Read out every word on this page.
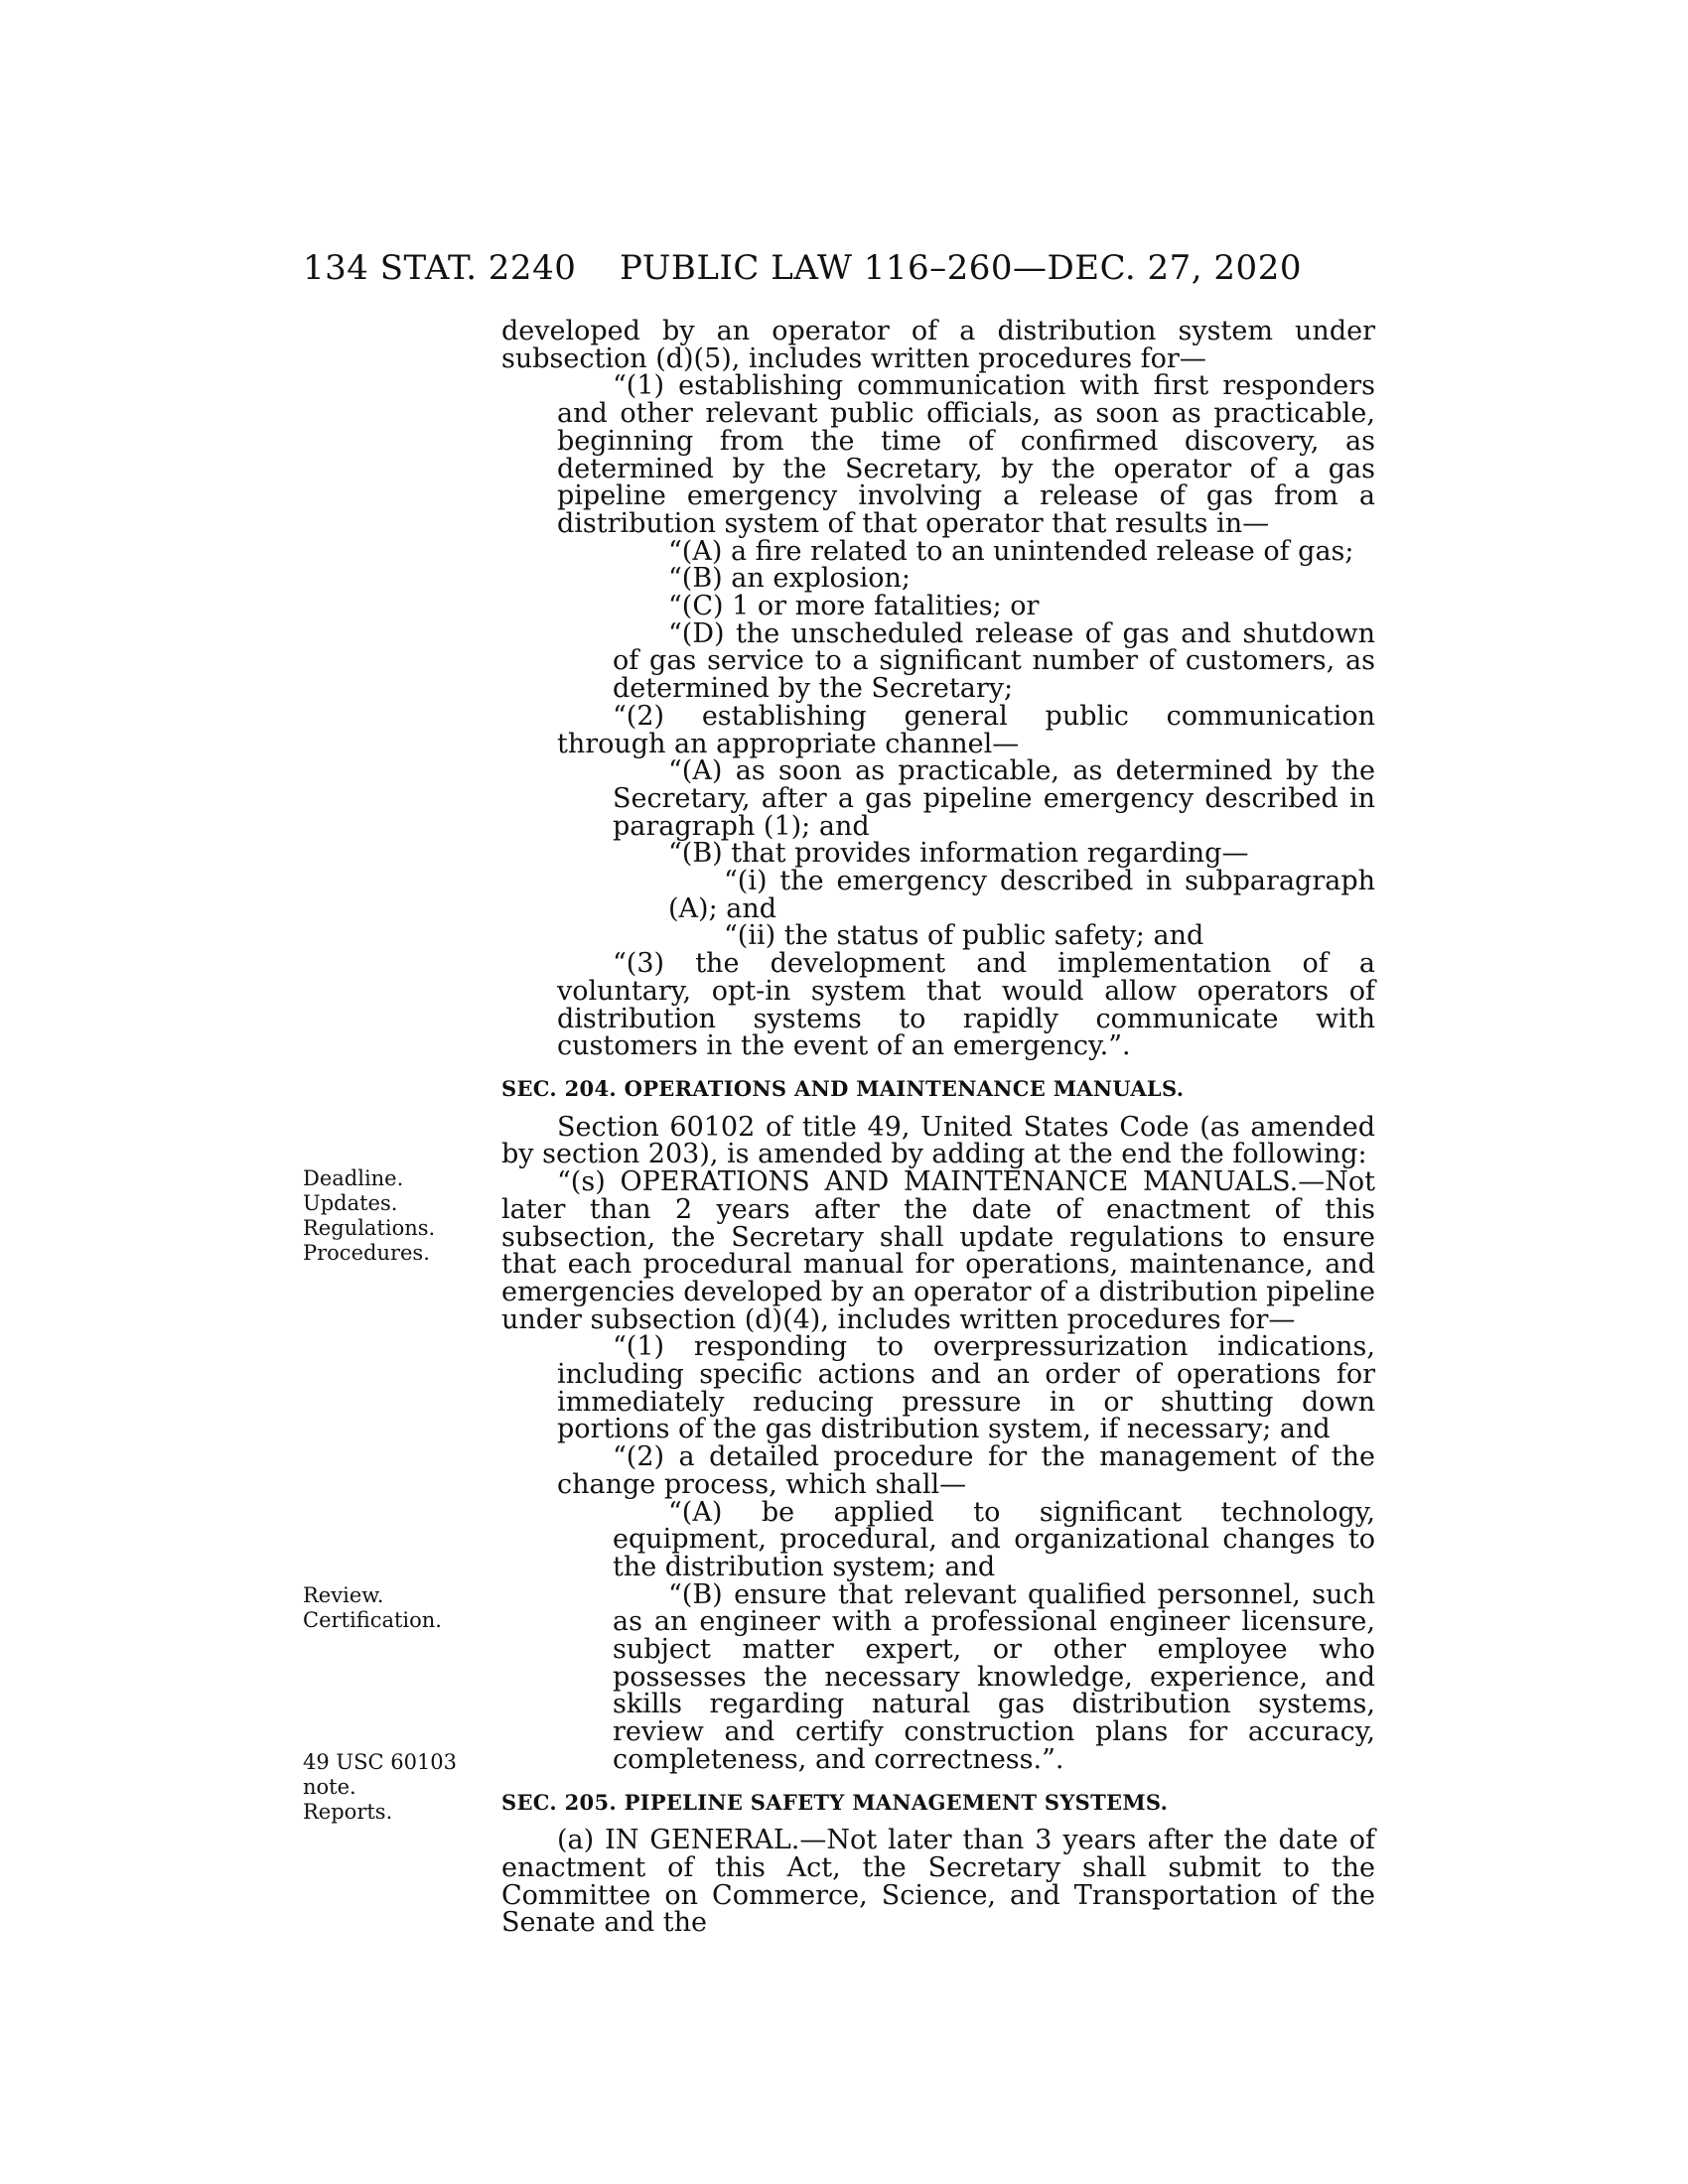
134 STAT. 2240 PUBLIC LAW 116–260—DEC. 27, 2020
Deadline.
Updates.
Regulations.
Procedures.
Review.
Certification.
49 USC 60103
note.
Reports.

developed by an operator of a distribution system under subsection (d)(5), includes written procedures for—

“(1) establishing communication with first responders and other relevant public officials, as soon as practicable, beginning from the time of confirmed discovery, as determined by the Secretary, by the operator of a gas pipeline emergency involving a release of gas from a distribution system of that operator that results in—

“(A) a fire related to an unintended release of gas;

“(B) an explosion;

“(C) 1 or more fatalities; or

“(D) the unscheduled release of gas and shutdown of gas service to a significant number of customers, as determined by the Secretary;

“(2) establishing general public communication through an appropriate channel—

“(A) as soon as practicable, as determined by the Secretary, after a gas pipeline emergency described in paragraph (1); and

“(B) that provides information regarding—

“(i) the emergency described in subparagraph (A); and

“(ii) the status of public safety; and

“(3) the development and implementation of a voluntary, opt-in system that would allow operators of distribution systems to rapidly communicate with customers in the event of an emergency.”.

SEC. 204. OPERATIONS AND MAINTENANCE MANUALS.

Section 60102 of title 49, United States Code (as amended by section 203), is amended by adding at the end the following:

“(s) OPERATIONS AND MAINTENANCE MANUALS.—Not later than 2 years after the date of enactment of this subsection, the Secretary shall update regulations to ensure that each procedural manual for operations, maintenance, and emergencies developed by an operator of a distribution pipeline under subsection (d)(4), includes written procedures for—

“(1) responding to overpressurization indications, including specific actions and an order of operations for immediately reducing pressure in or shutting down portions of the gas distribution system, if necessary; and

“(2) a detailed procedure for the management of the change process, which shall—

“(A) be applied to significant technology, equipment, procedural, and organizational changes to the distribution system; and

“(B) ensure that relevant qualified personnel, such as an engineer with a professional engineer licensure, subject matter expert, or other employee who possesses the necessary knowledge, experience, and skills regarding natural gas distribution systems, review and certify construction plans for accuracy, completeness, and correctness.”.

SEC. 205. PIPELINE SAFETY MANAGEMENT SYSTEMS.

(a) IN GENERAL.—Not later than 3 years after the date of enactment of this Act, the Secretary shall submit to the Committee on Commerce, Science, and Transportation of the Senate and the
